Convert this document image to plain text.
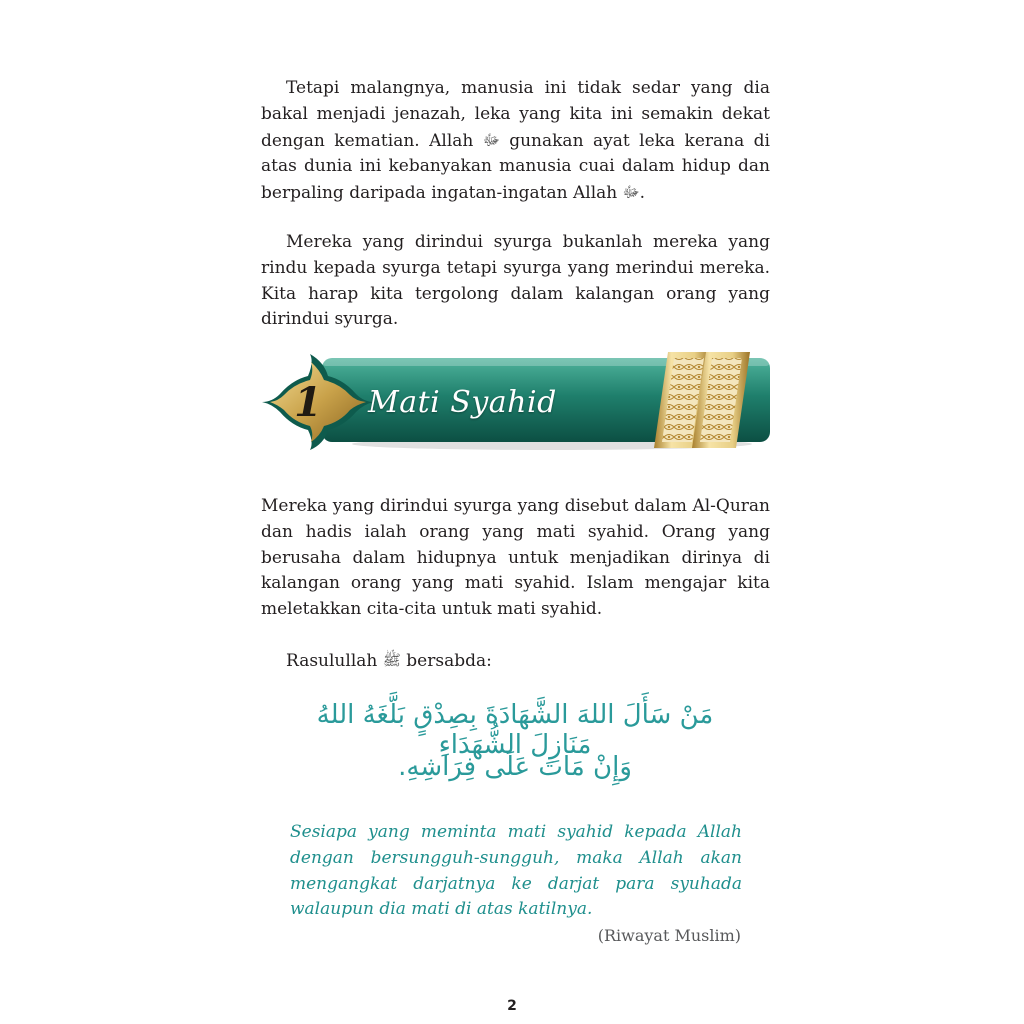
Tetapi malangnya, manusia ini tidak sedar yang dia bakal menjadi jenazah, leka yang kita ini semakin dekat dengan kematian. Allah ﷻ gunakan ayat leka kerana di atas dunia ini kebanyakan manusia cuai dalam hidup dan berpaling daripada ingatan-ingatan Allah ﷻ.

Mereka yang dirindui syurga bukanlah mereka yang rindu kepada syurga tetapi syurga yang merindui mereka. Kita harap kita tergolong dalam kalangan orang yang dirindui syurga.

1 Mati Syahid

Mereka yang dirindui syurga yang disebut dalam Al-Quran dan hadis ialah orang yang mati syahid. Orang yang berusaha dalam hidupnya untuk menjadikan dirinya di kalangan orang yang mati syahid. Islam mengajar kita meletakkan cita-cita untuk mati syahid.

Rasulullah ﷺ bersabda:

مَنْ سَأَلَ اللهَ الشَّهَادَةَ بِصِدْقٍ بَلَّغَهُ اللهُ مَنَازِلَ الشُّهَدَاءِ
وَإِنْ مَاتَ عَلَى فِرَاشِهِ.

Sesiapa yang meminta mati syahid kepada Allah dengan bersungguh-sungguh, maka Allah akan mengangkat darjatnya ke darjat para syuhada walaupun dia mati di atas katilnya.

(Riwayat Muslim)
2
